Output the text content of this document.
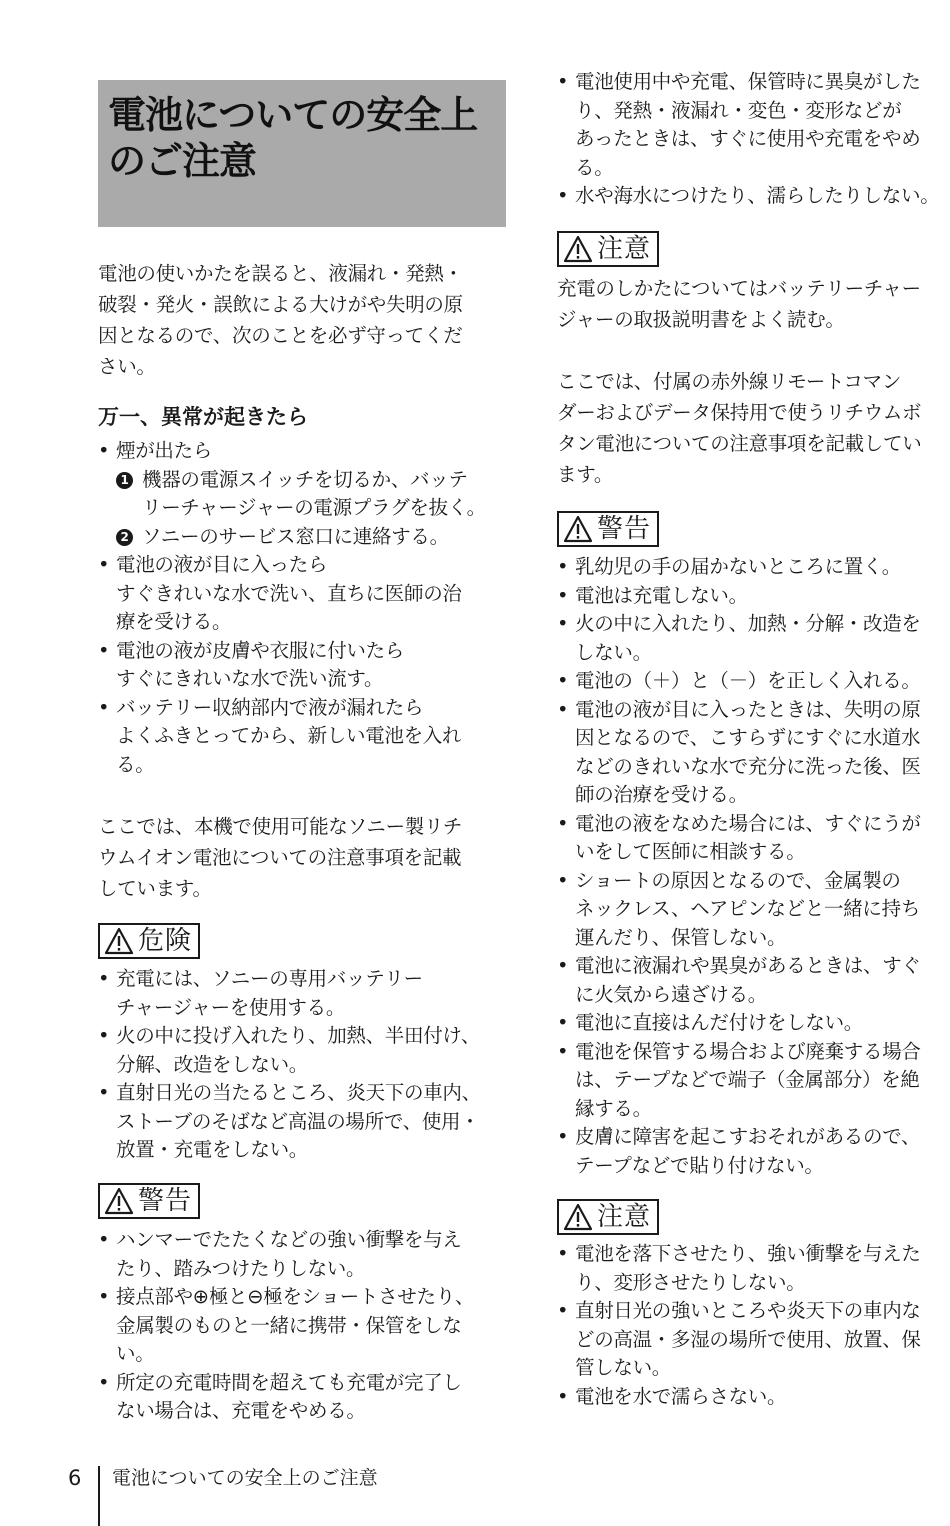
電池についての安全上
のご注意
電池の使いかたを誤ると、液漏れ・発熱・
破裂・発火・誤飲による大けがや失明の原
因となるので、次のことを必ず守ってくだ
さい。
万一、異常が起きたら
• 煙が出たら
1 機器の電源スイッチを切るか、バッテ
リーチャージャーの電源プラグを抜く。
2 ソニーのサービス窓口に連絡する。
• 電池の液が目に入ったら
すぐきれいな水で洗い、直ちに医師の治
療を受ける。
• 電池の液が皮膚や衣服に付いたら
すぐにきれいな水で洗い流す。
• バッテリー収納部内で液が漏れたら
よくふきとってから、新しい電池を入れ
る。
ここでは、本機で使用可能なソニー製リチ
ウムイオン電池についての注意事項を記載
しています。
危険
• 充電には、ソニーの専用バッテリー
チャージャーを使用する。
• 火の中に投げ入れたり、加熱、半田付け、
分解、改造をしない。
• 直射日光の当たるところ、炎天下の車内、
ストーブのそばなど高温の場所で、使用・
放置・充電をしない。
警告
• ハンマーでたたくなどの強い衝撃を与え
たり、踏みつけたりしない。
• 接点部や⊕極と⊖極をショートさせたり、
金属製のものと一緒に携帯・保管をしな
い。
• 所定の充電時間を超えても充電が完了し
ない場合は、充電をやめる。
• 電池使用中や充電、保管時に異臭がした
り、発熱・液漏れ・変色・変形などが
あったときは、すぐに使用や充電をやめ
る。
• 水や海水につけたり、濡らしたりしない。
注意
充電のしかたについてはバッテリーチャー
ジャーの取扱説明書をよく読む。
ここでは、付属の赤外線リモートコマン
ダーおよびデータ保持用で使うリチウムボ
タン電池についての注意事項を記載してい
ます。
警告
• 乳幼児の手の届かないところに置く。
• 電池は充電しない。
• 火の中に入れたり、加熱・分解・改造を
しない。
• 電池の（＋）と（－）を正しく入れる。
• 電池の液が目に入ったときは、失明の原
因となるので、こすらずにすぐに水道水
などのきれいな水で充分に洗った後、医
師の治療を受ける。
• 電池の液をなめた場合には、すぐにうが
いをして医師に相談する。
• ショートの原因となるので、金属製の
ネックレス、ヘアピンなどと一緒に持ち
運んだり、保管しない。
• 電池に液漏れや異臭があるときは、すぐ
に火気から遠ざける。
• 電池に直接はんだ付けをしない。
• 電池を保管する場合および廃棄する場合
は、テープなどで端子（金属部分）を絶
縁する。
• 皮膚に障害を起こすおそれがあるので、
テープなどで貼り付けない。
注意
• 電池を落下させたり、強い衝撃を与えた
り、変形させたりしない。
• 直射日光の強いところや炎天下の車内な
どの高温・多湿の場所で使用、放置、保
管しない。
• 電池を水で濡らさない。
6 電池についての安全上のご注意
